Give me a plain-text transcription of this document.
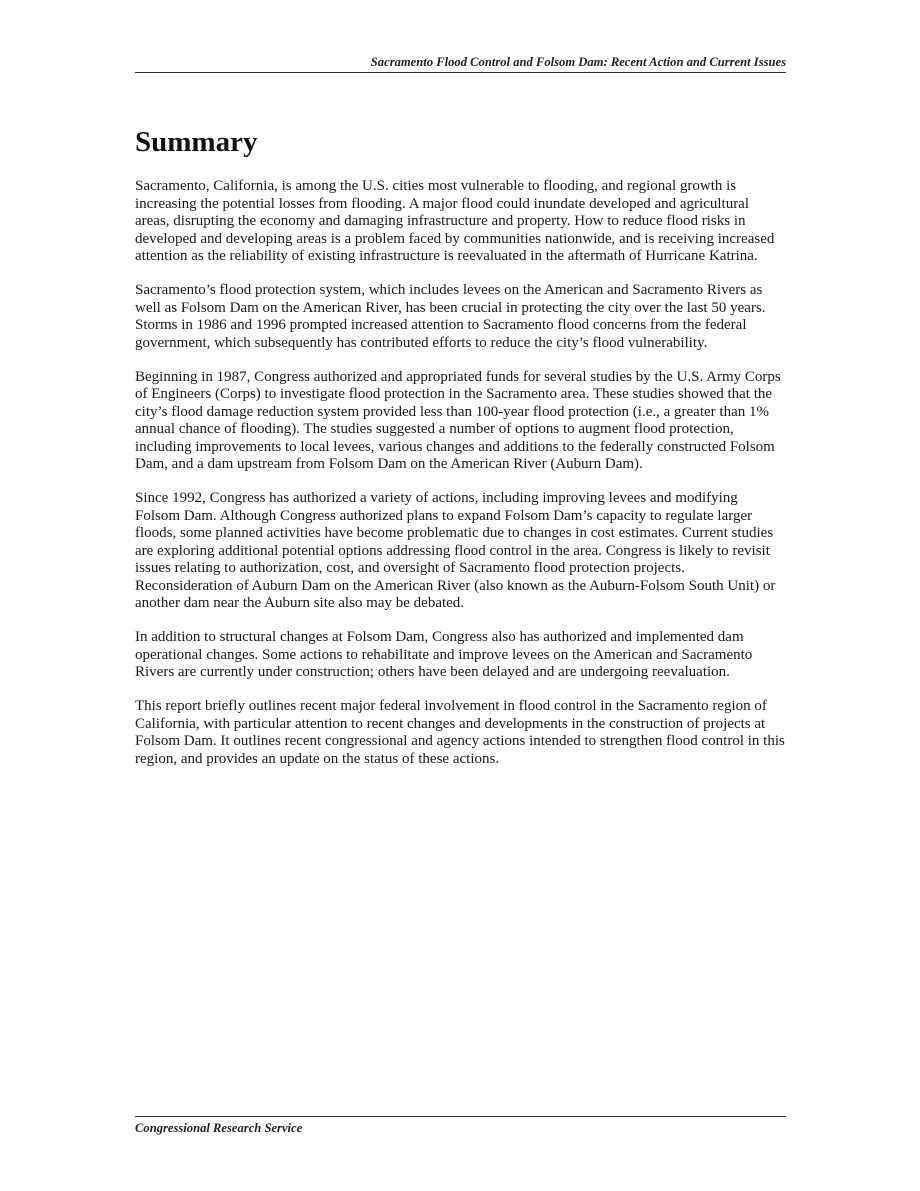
Sacramento Flood Control and Folsom Dam: Recent Action and Current Issues
Summary

Sacramento, California, is among the U.S. cities most vulnerable to flooding, and regional growth is increasing the potential losses from flooding. A major flood could inundate developed and agricultural areas, disrupting the economy and damaging infrastructure and property. How to reduce flood risks in developed and developing areas is a problem faced by communities nationwide, and is receiving increased attention as the reliability of existing infrastructure is reevaluated in the aftermath of Hurricane Katrina.

Sacramento’s flood protection system, which includes levees on the American and Sacramento Rivers as well as Folsom Dam on the American River, has been crucial in protecting the city over the last 50 years. Storms in 1986 and 1996 prompted increased attention to Sacramento flood concerns from the federal government, which subsequently has contributed efforts to reduce the city’s flood vulnerability.

Beginning in 1987, Congress authorized and appropriated funds for several studies by the U.S. Army Corps of Engineers (Corps) to investigate flood protection in the Sacramento area. These studies showed that the city’s flood damage reduction system provided less than 100-year flood protection (i.e., a greater than 1% annual chance of flooding). The studies suggested a number of options to augment flood protection, including improvements to local levees, various changes and additions to the federally constructed Folsom Dam, and a dam upstream from Folsom Dam on the American River (Auburn Dam).

Since 1992, Congress has authorized a variety of actions, including improving levees and modifying Folsom Dam. Although Congress authorized plans to expand Folsom Dam’s capacity to regulate larger floods, some planned activities have become problematic due to changes in cost estimates. Current studies are exploring additional potential options addressing flood control in the area. Congress is likely to revisit issues relating to authorization, cost, and oversight of Sacramento flood protection projects. Reconsideration of Auburn Dam on the American River (also known as the Auburn-Folsom South Unit) or another dam near the Auburn site also may be debated.

In addition to structural changes at Folsom Dam, Congress also has authorized and implemented dam operational changes. Some actions to rehabilitate and improve levees on the American and Sacramento Rivers are currently under construction; others have been delayed and are undergoing reevaluation.

This report briefly outlines recent major federal involvement in flood control in the Sacramento region of California, with particular attention to recent changes and developments in the construction of projects at Folsom Dam. It outlines recent congressional and agency actions intended to strengthen flood control in this region, and provides an update on the status of these actions.

Congressional Research Service
